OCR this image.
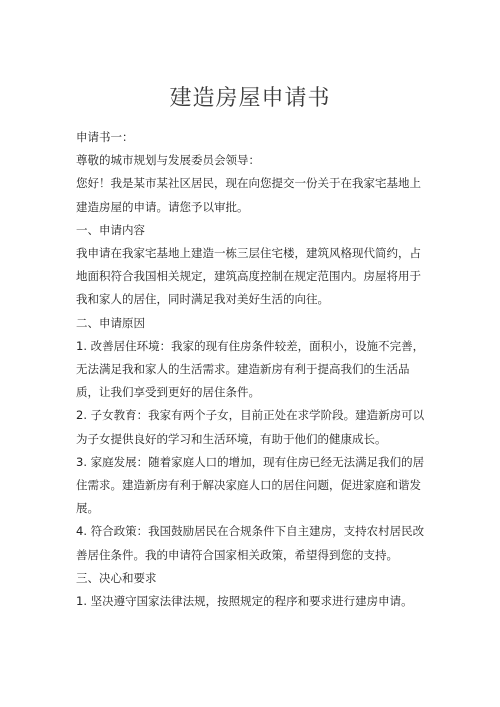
建造房屋申请书

申请书一：

尊敬的城市规划与发展委员会领导：

您好！我是某市某社区居民，现在向您提交一份关于在我家宅基地上建造房屋的申请。请您予以审批。

一、申请内容

我申请在我家宅基地上建造一栋三层住宅楼，建筑风格现代简约，占地面积符合我国相关规定，建筑高度控制在规定范围内。房屋将用于我和家人的居住，同时满足我对美好生活的向往。

二、申请原因

1. 改善居住环境：我家的现有住房条件较差，面积小，设施不完善，无法满足我和家人的生活需求。建造新房有利于提高我们的生活品质，让我们享受到更好的居住条件。

2. 子女教育：我家有两个子女，目前正处在求学阶段。建造新房可以为子女提供良好的学习和生活环境，有助于他们的健康成长。

3. 家庭发展：随着家庭人口的增加，现有住房已经无法满足我们的居住需求。建造新房有利于解决家庭人口的居住问题，促进家庭和谐发展。

4. 符合政策：我国鼓励居民在合规条件下自主建房，支持农村居民改善居住条件。我的申请符合国家相关政策，希望得到您的支持。

三、决心和要求

1. 坚决遵守国家法律法规，按照规定的程序和要求进行建房申请。
